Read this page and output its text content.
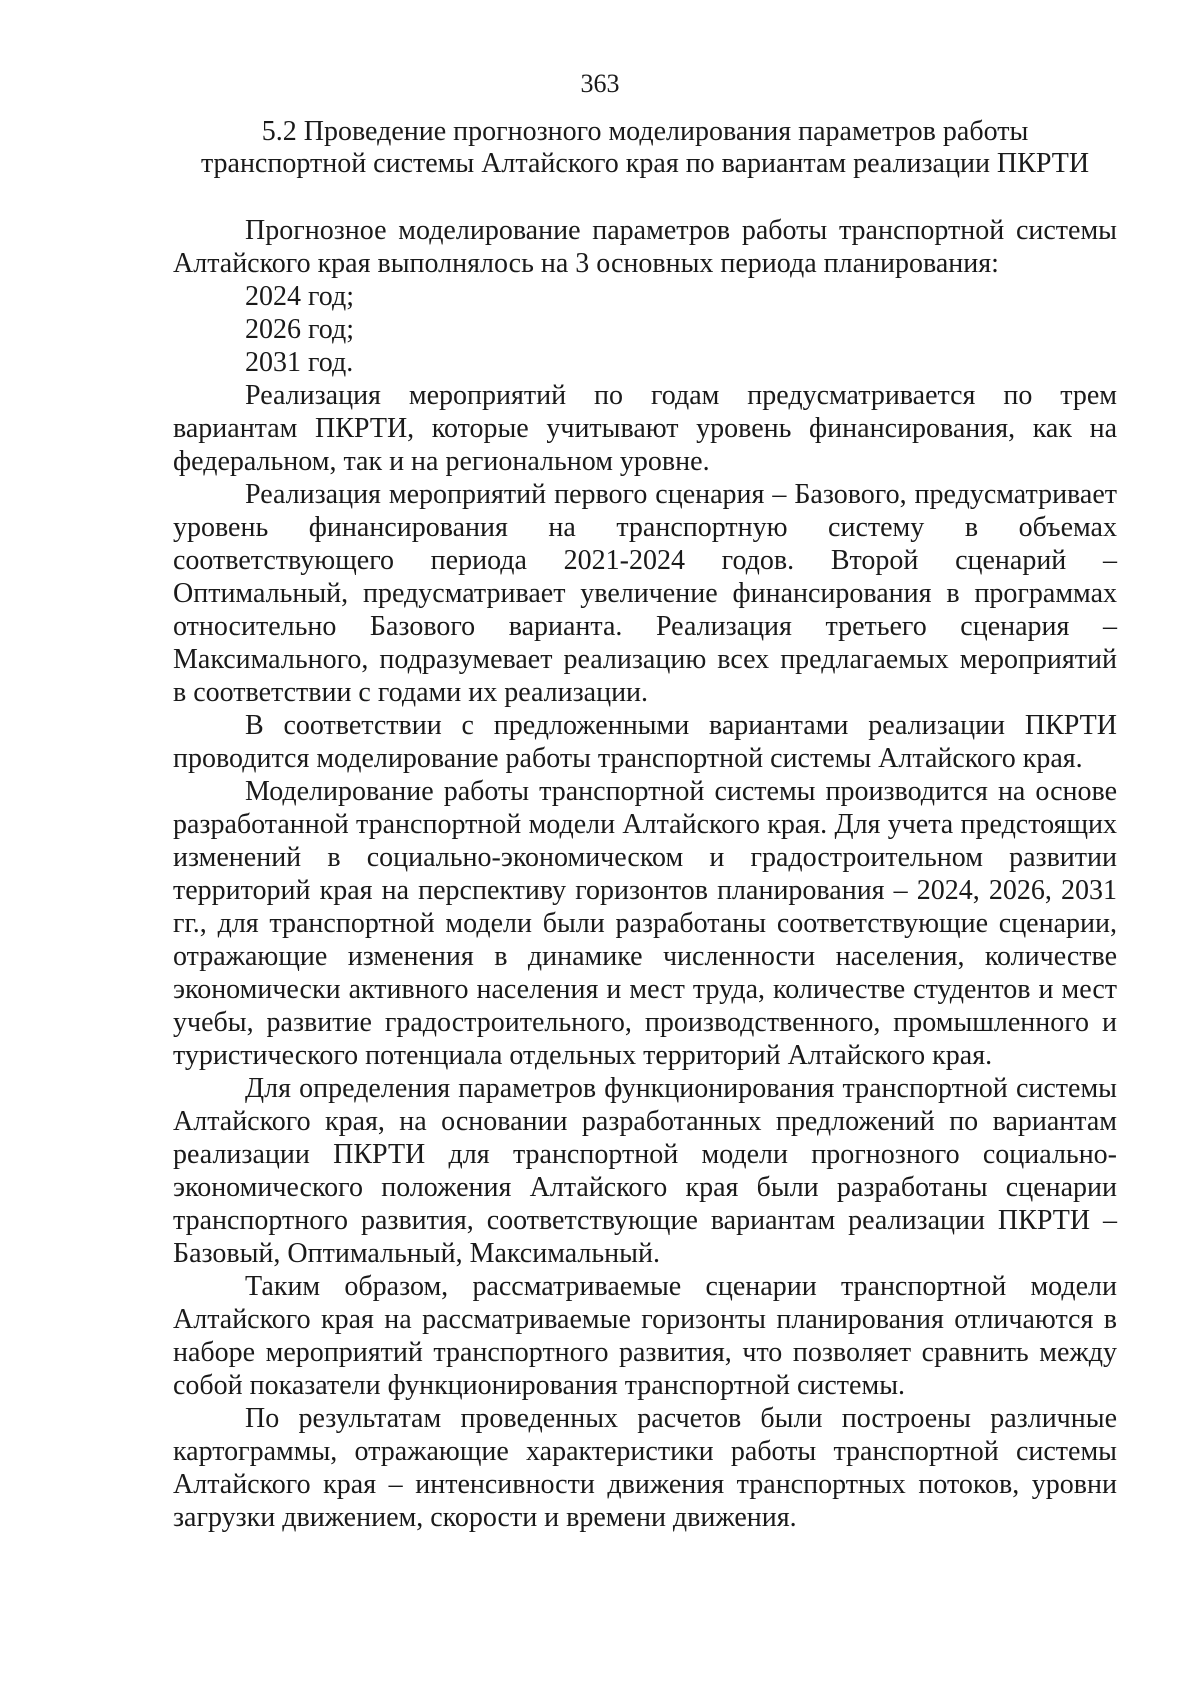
363
5.2 Проведение прогнозного моделирования параметров работы
транспортной системы Алтайского края по вариантам реализации ПКРТИ

Прогнозное моделирование параметров работы транспортной системы Алтайского края выполнялось на 3 основных периода планирования:

2024 год;

2026 год;

2031 год.

Реализация мероприятий по годам предусматривается по трем вариантам ПКРТИ, которые учитывают уровень финансирования, как на федеральном, так и на региональном уровне.

Реализация мероприятий первого сценария – Базового, предусматривает уровень финансирования на транспортную систему в объемах соответствующего периода 2021-2024 годов. Второй сценарий – Оптимальный, предусматривает увеличение финансирования в программах относительно Базового варианта. Реализация третьего сценария – Максимального, подразумевает реализацию всех предлагаемых мероприятий в соответствии с годами их реализации.

В соответствии с предложенными вариантами реализации ПКРТИ проводится моделирование работы транспортной системы Алтайского края.

Моделирование работы транспортной системы производится на основе разработанной транспортной модели Алтайского края. Для учета предстоящих изменений в социально-экономическом и градостроительном развитии территорий края на перспективу горизонтов планирования – 2024, 2026, 2031 гг., для транспортной модели были разработаны соответствующие сценарии, отражающие изменения в динамике численности населения, количестве экономически активного населения и мест труда, количестве студентов и мест учебы, развитие градостроительного, производственного, промышленного и туристического потенциала отдельных территорий Алтайского края.

Для определения параметров функционирования транспортной системы Алтайского края, на основании разработанных предложений по вариантам реализации ПКРТИ для транспортной модели прогнозного социально-экономического положения Алтайского края были разработаны сценарии транспортного развития, соответствующие вариантам реализации ПКРТИ – Базовый, Оптимальный, Максимальный.

Таким образом, рассматриваемые сценарии транспортной модели Алтайского края на рассматриваемые горизонты планирования отличаются в наборе мероприятий транспортного развития, что позволяет сравнить между собой показатели функционирования транспортной системы.

По результатам проведенных расчетов были построены различные картограммы, отражающие характеристики работы транспортной системы Алтайского края – интенсивности движения транспортных потоков, уровни загрузки движением, скорости и времени движения.
